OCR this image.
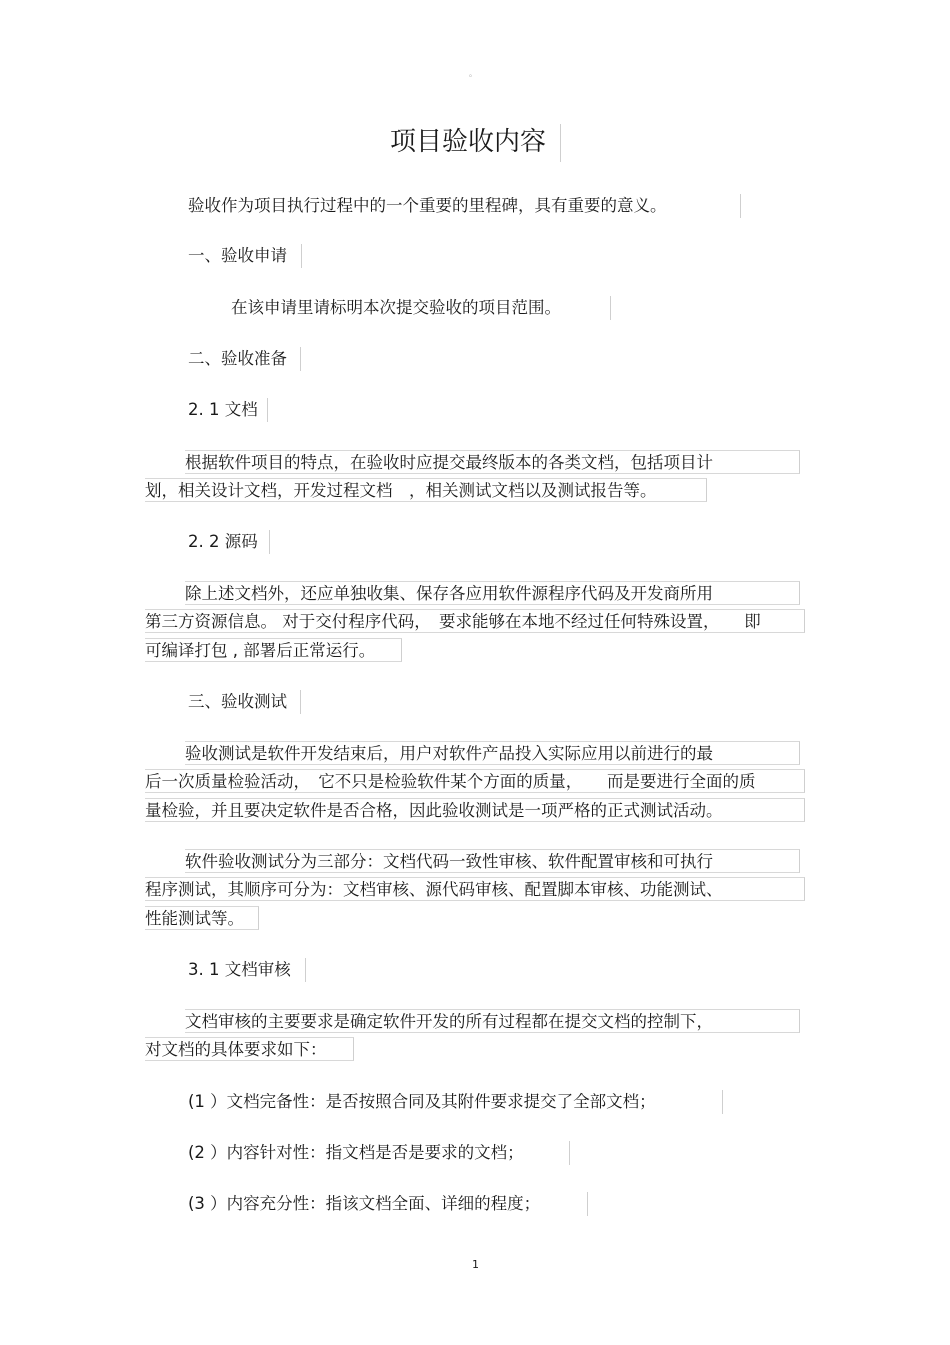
。
项目验收内容
验收作为项目执行过程中的一个重要的里程碑，具有重要的意义。
一、验收申请
在该申请里请标明本次提交验收的项目范围。
二、验收准备
2. 1 文档
根据软件项目的特点，在验收时应提交最终版本的各类文档，包括项目计
划，相关设计文档，开发过程文档　，相关测试文档以及测试报告等。
2. 2 源码
除上述文档外，还应单独收集、保存各应用软件源程序代码及开发商所用
第三方资源信息。 对于交付程序代码，　要求能够在本地不经过任何特殊设置，　　即
可编译打包 , 部署后正常运行。
三、验收测试
验收测试是软件开发结束后，用户对软件产品投入实际应用以前进行的最
后一次质量检验活动，　它不只是检验软件某个方面的质量，　　而是要进行全面的质
量检验，并且要决定软件是否合格，因此验收测试是一项严格的正式测试活动。
软件验收测试分为三部分：文档代码一致性审核、软件配置审核和可执行
程序测试，其顺序可分为：文档审核、源代码审核、配置脚本审核、功能测试、
性能测试等。
3. 1 文档审核
文档审核的主要要求是确定软件开发的所有过程都在提交文档的控制下，
对文档的具体要求如下：
(1 ）文档完备性：是否按照合同及其附件要求提交了全部文档；
(2 ）内容针对性：指文档是否是要求的文档；
(3 ）内容充分性：指该文档全面、详细的程度；
1
